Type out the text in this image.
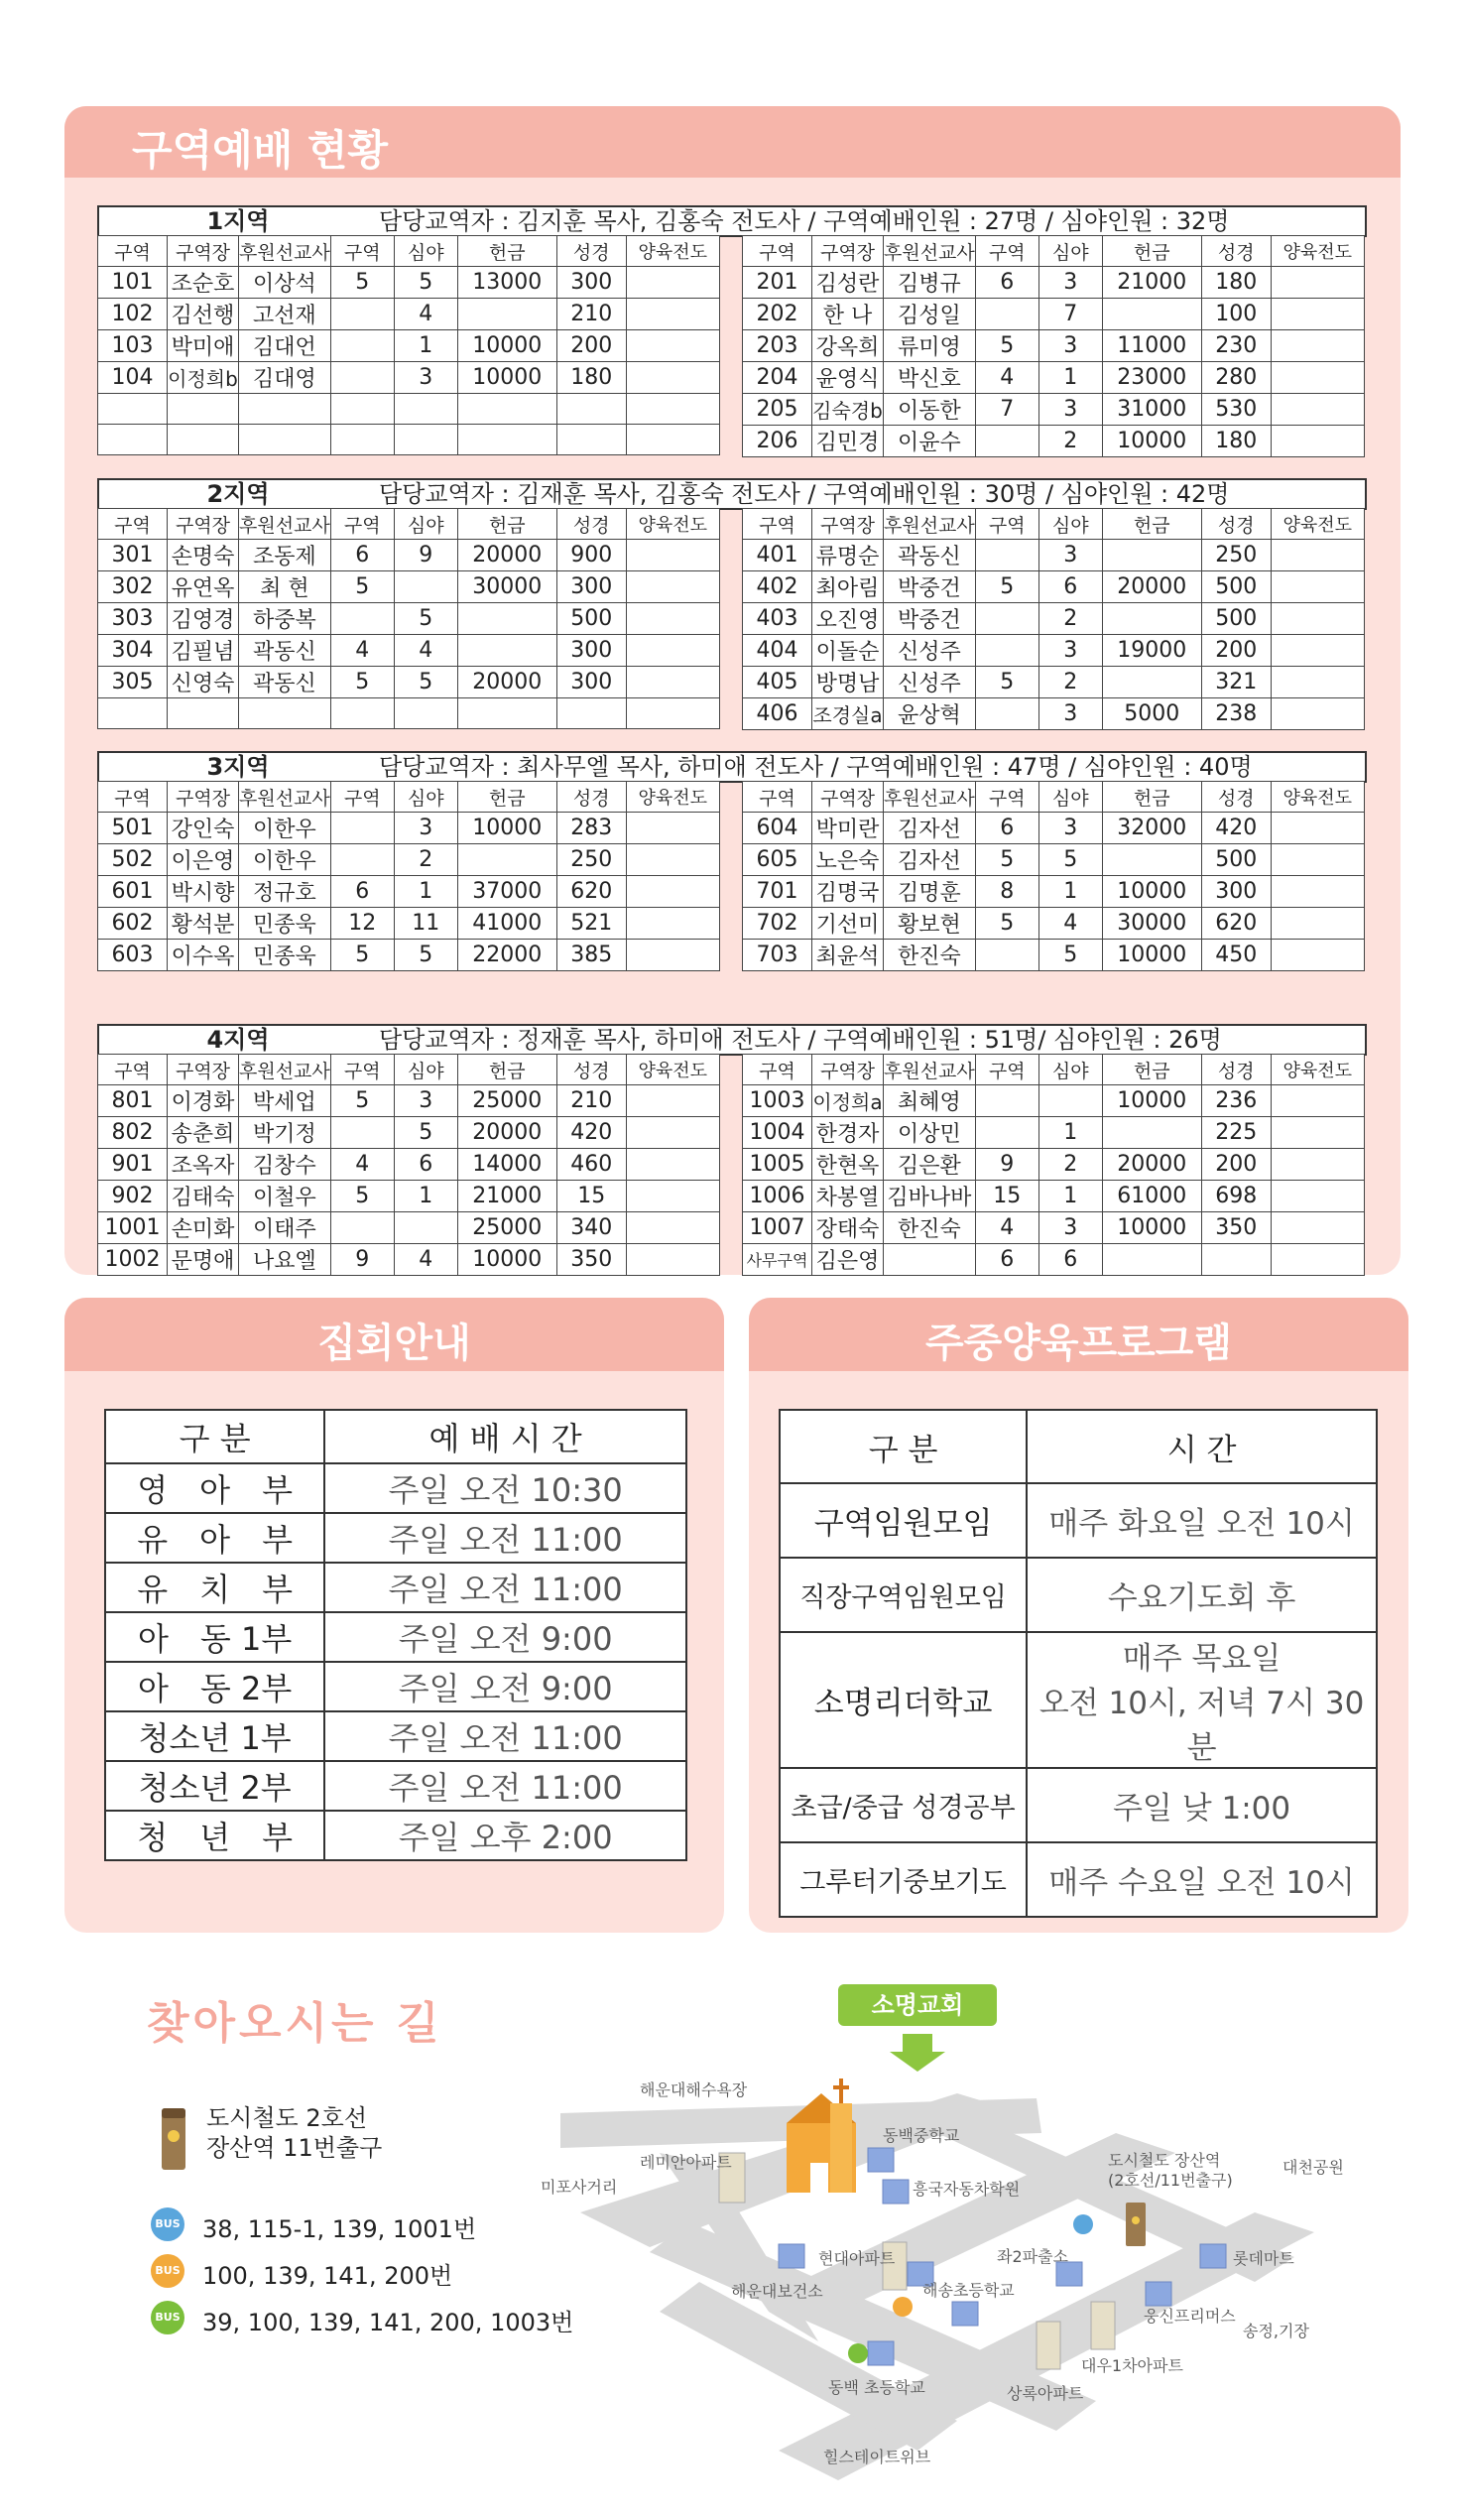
구역예배 현황
1지역	담당교역자 : 김지훈 목사, 김홍숙 전도사 / 구역예배인원 : 27명 / 심야인원 : 32명
구역	구역장	후원선교사	구역	심야	헌금	성경	양육전도
101	조순호	이상석	5	5	13000	300	
102	김선행	고선재		4		210	
103	박미애	김대언		1	10000	200	
104	이정희b	김대영		3	10000	180	

구역	구역장	후원선교사	구역	심야	헌금	성경	양육전도
201	김성란	김병규	6	3	21000	180	
202	한 나	김성일		7		100	
203	강옥희	류미영	5	3	11000	230	
204	윤영식	박신호	4	1	23000	280	
205	김숙경b	이동한	7	3	31000	530	
206	김민경	이윤수		2	10000	180	
2지역	담당교역자 : 김재훈 목사, 김홍숙 전도사 / 구역예배인원 : 30명 / 심야인원 : 42명
구역	구역장	후원선교사	구역	심야	헌금	성경	양육전도
301	손명숙	조동제	6	9	20000	900	
302	유연옥	최 현	5		30000	300	
303	김영경	하중복		5		500	
304	김필념	곽동신	4	4		300	
305	신영숙	곽동신	5	5	20000	300	

구역	구역장	후원선교사	구역	심야	헌금	성경	양육전도
401	류명순	곽동신		3		250	
402	최아림	박중건	5	6	20000	500	
403	오진영	박중건		2		500	
404	이돌순	신성주		3	19000	200	
405	방명남	신성주	5	2		321	
406	조경실a	윤상혁		3	5000	238	
3지역	담당교역자 : 최사무엘 목사, 하미애 전도사 / 구역예배인원 : 47명 / 심야인원 : 40명
구역	구역장	후원선교사	구역	심야	헌금	성경	양육전도
501	강인숙	이한우		3	10000	283	
502	이은영	이한우		2		250	
601	박시향	정규호	6	1	37000	620	
602	황석분	민종욱	12	11	41000	521	
603	이수옥	민종욱	5	5	22000	385	
구역	구역장	후원선교사	구역	심야	헌금	성경	양육전도
604	박미란	김자선	6	3	32000	420	
605	노은숙	김자선	5	5		500	
701	김명국	김명훈	8	1	10000	300	
702	기선미	황보현	5	4	30000	620	
703	최윤석	한진숙		5	10000	450	
4지역	담당교역자 : 정재훈 목사, 하미애 전도사 / 구역예배인원 : 51명/ 심야인원 : 26명
구역	구역장	후원선교사	구역	심야	헌금	성경	양육전도
801	이경화	박세업	5	3	25000	210	
802	송춘희	박기정		5	20000	420	
901	조옥자	김창수	4	6	14000	460	
902	김태숙	이철우	5	1	21000	15	
1001	손미화	이태주			25000	340	
1002	문명애	나요엘	9	4	10000	350	
구역	구역장	후원선교사	구역	심야	헌금	성경	양육전도
1003	이정희a	최혜영			10000	236	
1004	한경자	이상민		1		225	
1005	한현옥	김은환	9	2	20000	200	
1006	차봉열	김바나바	15	1	61000	698	
1007	장태숙	한진숙	4	3	10000	350	
사무구역	김은영		6	6			
집회안내
구 분	예 배 시 간
영　아　부	주일 오전 10:30
유　아　부	주일 오전 11:00
유　치　부	주일 오전 11:00
아　동 1부	주일 오전 9:00
아　동 2부	주일 오전 9:00
청소년 1부	주일 오전 11:00
청소년 2부	주일 오전 11:00
청　년　부	주일 오후 2:00
주중양육프로그램
구 분	시 간
구역임원모임	매주 화요일 오전 10시
직장구역임원모임	수요기도회 후
소명리더학교	매주 목요일
오전 10시, 저녁 7시 30분
초급/중급 성경공부	주일 낮 1:00
그루터기중보기도	매주 수요일 오전 10시
찾아오시는 길
도시철도 2호선
장산역 11번출구
BUS 38, 115-1, 139, 1001번
BUS 100, 139, 141, 200번
BUS 39, 100, 139, 141, 200, 1003번
소명교회
해운대해수욕장
레미안아파트
미포사거리
동백중학교
흥국자동차학원
도시철도 장산역
(2호선/11번출구)
대천공원
현대아파트	좌2파출소	롯데마트
해운대보건소	해송초등학교
웅신프리머스
송정,기장
대우1차아파트
동백 초등학교	상록아파트
힐스테이트위브
